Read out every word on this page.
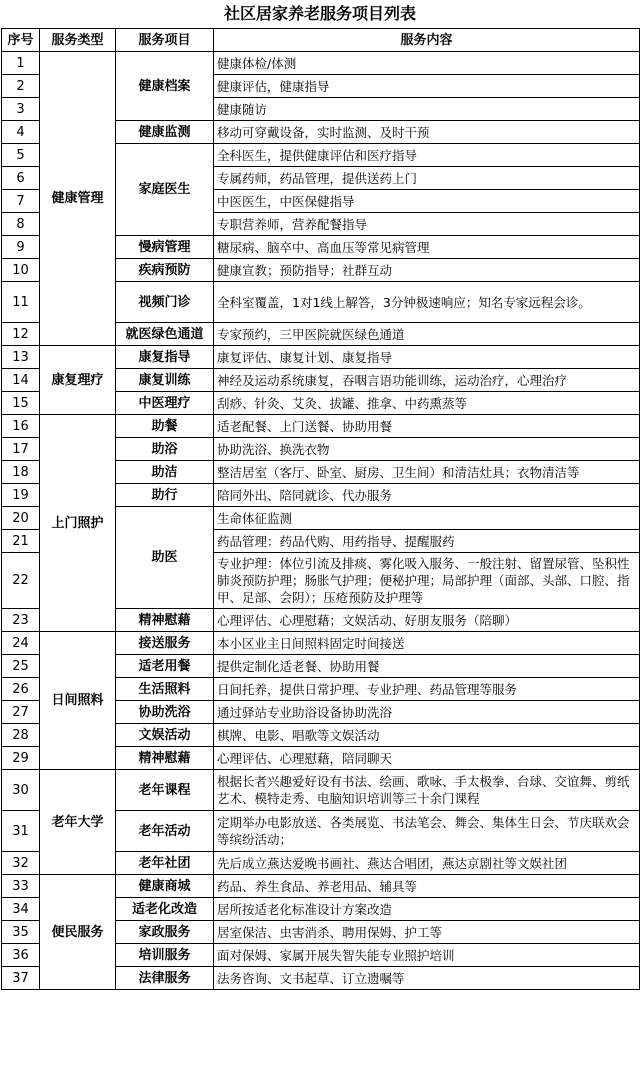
社区居家养老服务项目列表
序号	服务类型	服务项目	服务内容
1	健康管理	健康档案	健康体检/体测
2			健康评估，健康指导
3			健康随访
4		健康监测	移动可穿戴设备，实时监测、及时干预
5		家庭医生	全科医生，提供健康评估和医疗指导
6			专属药师，药品管理，提供送药上门
7			中医医生，中医保健指导
8			专职营养师，营养配餐指导
9		慢病管理	糖尿病、脑卒中、高血压等常见病管理
10		疾病预防	健康宣教；预防指导；社群互动
11		视频门诊	全科室覆盖，1对1线上解答，3分钟极速响应；知名专家远程会诊。
12		就医绿色通道	专家预约，三甲医院就医绿色通道
13	康复理疗	康复指导	康复评估、康复计划、康复指导
14		康复训练	神经及运动系统康复，吞咽言语功能训练，运动治疗，心理治疗
15		中医理疗	刮痧、针灸、艾灸、拔罐、推拿、中药熏蒸等
16	上门照护	助餐	适老配餐、上门送餐、协助用餐
17		助浴	协助洗浴、换洗衣物
18		助洁	整洁居室（客厅、卧室、厨房、卫生间）和清洁灶具；衣物清洁等
19		助行	陪同外出、陪同就诊、代办服务
20		助医	生命体征监测
21			药品管理：药品代购、用药指导、提醒服药
22			专业护理：体位引流及排痰、雾化吸入服务、一般注射、留置尿管、坠积性肺炎预防护理；肠胀气护理；便秘护理；局部护理（面部、头部、口腔、指甲、足部、会阴）；压疮预防及护理等
23		精神慰藉	心理评估、心理慰藉；文娱活动、好朋友服务（陪聊）
24	日间照料	接送服务	本小区业主日间照料固定时间接送
25		适老用餐	提供定制化适老餐、协助用餐
26		生活照料	日间托养，提供日常护理、专业护理、药品管理等服务
27		协助洗浴	通过驿站专业助浴设备协助洗浴
28		文娱活动	棋牌、电影、唱歌等文娱活动
29		精神慰藉	心理评估、心理慰藉，陪同聊天
30	老年大学	老年课程	根据长者兴趣爱好设有书法、绘画、歌咏、手太极拳、台球、交谊舞、剪纸艺术、模特走秀、电脑知识培训等三十余门课程
31		老年活动	定期举办电影放送、各类展览、书法笔会、舞会、集体生日会、节庆联欢会等缤纷活动；
32		老年社团	先后成立燕达爱晚书画社、燕达合唱团，燕达京剧社等文娱社团
33	便民服务	健康商城	药品、养生食品、养老用品、辅具等
34		适老化改造	居所按适老化标准设计方案改造
35		家政服务	居室保洁、虫害消杀、聘用保姆、护工等
36		培训服务	面对保姆、家属开展失智失能专业照护培训
37		法律服务	法务咨询、文书起草、订立遗嘱等
